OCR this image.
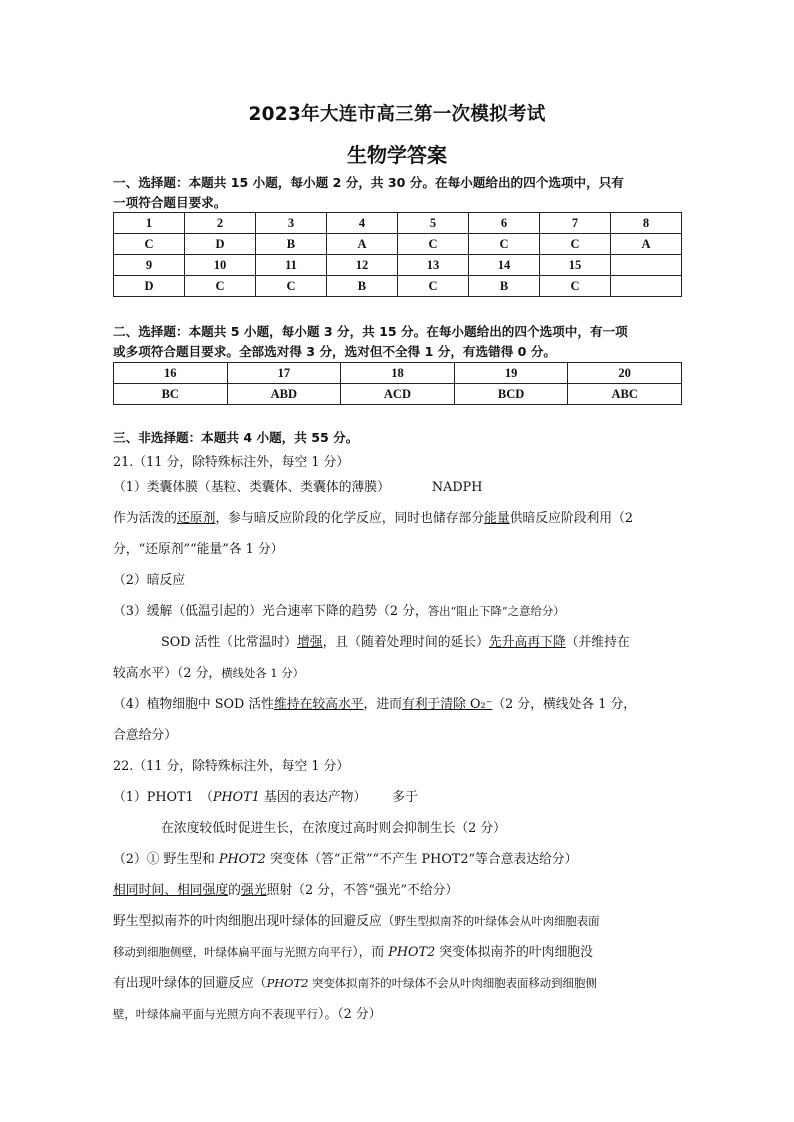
2023年大连市高三第一次模拟考试
生物学答案
一、选择题：本题共 15 小题，每小题 2 分，共 30 分。在每小题给出的四个选项中，只有
一项符合题目要求。
1	2	3	4	5	6	7	8
C	D	B	A	C	C	C	A
9	10	11	12	13	14	15	
D	C	C	B	C	B	C	
二、选择题：本题共 5 小题，每小题 3 分，共 15 分。在每小题给出的四个选项中，有一项
或多项符合题目要求。全部选对得 3 分，选对但不全得 1 分，有选错得 0 分。
16	17	18	19	20
BC	ABD	ACD	BCD	ABC
三、非选择题：本题共 4 小题，共 55 分。
21.（11 分，除特殊标注外，每空 1 分）
（1）类囊体膜（基粒、类囊体、类囊体的薄膜）	NADPH
作为活泼的还原剂，参与暗反应阶段的化学反应，同时也储存部分能量供暗反应阶段利用（2
分，“还原剂”“能量”各 1 分）
（2）暗反应
（3）缓解（低温引起的）光合速率下降的趋势（2 分，答出“阻止下降”之意给分）
SOD 活性（比常温时）增强，且（随着处理时间的延长）先升高再下降（并维持在
较高水平）（2 分，横线处各 1 分）
（4）植物细胞中 SOD 活性维持在较高水平，进而有利于清除 O₂⁻（2 分，横线处各 1 分，
合意给分）
22.（11 分，除特殊标注外，每空 1 分）
（1）PHOT1　（PHOT1 基因的表达产物） 多于
在浓度较低时促进生长，在浓度过高时则会抑制生长（2 分）
（2）① 野生型和 PHOT2 突变体（答“正常”“不产生 PHOT2”等合意表达给分）
相同时间、相同强度的强光照射（2 分，不答“强光”不给分）
野生型拟南芥的叶肉细胞出现叶绿体的回避反应（野生型拟南芥的叶绿体会从叶肉细胞表面
移动到细胞侧壁，叶绿体扁平面与光照方向平行），而 PHOT2 突变体拟南芥的叶肉细胞没
有出现叶绿体的回避反应（PHOT2 突变体拟南芥的叶绿体不会从叶肉细胞表面移动到细胞侧
壁，叶绿体扁平面与光照方向不表现平行）。（2 分）
